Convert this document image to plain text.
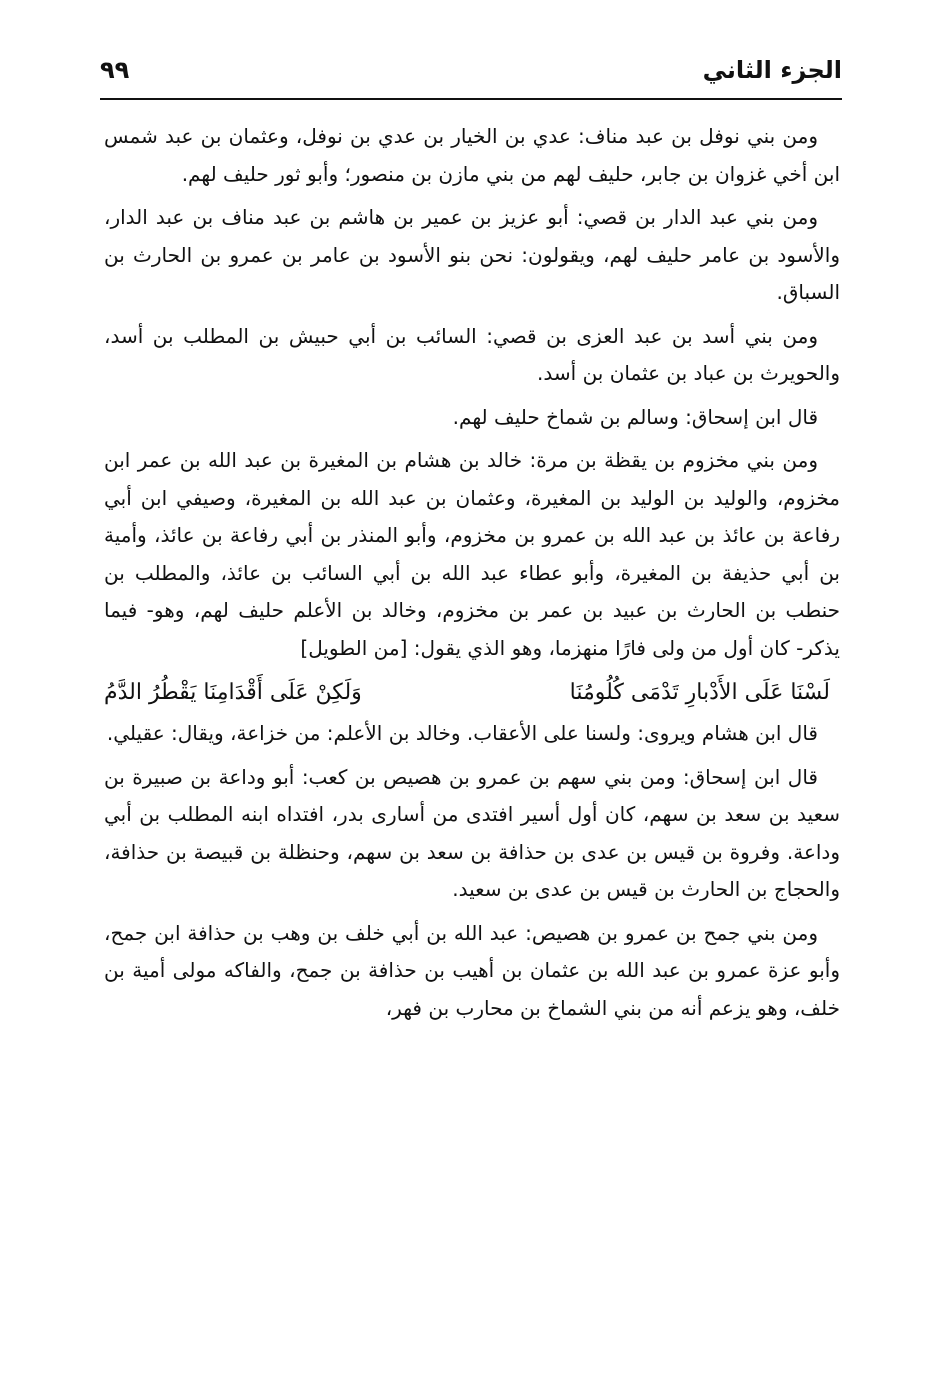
الجزء الثاني
٩٩

ومن بني نوفل بن عبد مناف: عدي بن الخيار بن عدي بن نوفل، وعثمان بن عبد شمس ابن أخي غزوان بن جابر، حليف لهم من بني مازن بن منصور؛ وأبو ثور حليف لهم.

ومن بني عبد الدار بن قصي: أبو عزيز بن عمير بن هاشم بن عبد مناف بن عبد الدار، والأسود بن عامر حليف لهم، ويقولون: نحن بنو الأسود بن عامر بن عمرو بن الحارث بن السباق.

ومن بني أسد بن عبد العزى بن قصي: السائب بن أبي حبيش بن المطلب بن أسد، والحويرث بن عباد بن عثمان بن أسد.

قال ابن إسحاق: وسالم بن شماخ حليف لهم.

ومن بني مخزوم بن يقظة بن مرة: خالد بن هشام بن المغيرة بن عبد الله بن عمر ابن مخزوم، والوليد بن الوليد بن المغيرة، وعثمان بن عبد الله بن المغيرة، وصيفي ابن أبي رفاعة بن عائذ بن عبد الله بن عمرو بن مخزوم، وأبو المنذر بن أبي رفاعة بن عائذ، وأمية بن أبي حذيفة بن المغيرة، وأبو عطاء عبد الله بن أبي السائب بن عائذ، والمطلب بن حنطب بن الحارث بن عبيد بن عمر بن مخزوم، وخالد بن الأعلم حليف لهم، وهو- فيما يذكر- كان أول من ولى فارًا منهزما، وهو الذي يقول: [من الطويل]

لَسْنَا عَلَى الأَدْبارِ تَدْمَى كُلُومُنَا
وَلَكِنْ عَلَى أَقْدَامِنَا يَقْطُرُ الدَّمُ

قال ابن هشام ويروى: ولسنا على الأعقاب. وخالد بن الأعلم: من خزاعة، ويقال: عقيلي.

قال ابن إسحاق: ومن بني سهم بن عمرو بن هصيص بن كعب: أبو وداعة بن صبيرة بن سعيد بن سعد بن سهم، كان أول أسير افتدى من أسارى بدر، افتداه ابنه المطلب بن أبي وداعة. وفروة بن قيس بن عدى بن حذافة بن سعد بن سهم، وحنظلة بن قبيصة بن حذافة، والحجاج بن الحارث بن قيس بن عدى بن سعيد.

ومن بني جمح بن عمرو بن هصيص: عبد الله بن أبي خلف بن وهب بن حذافة ابن جمح، وأبو عزة عمرو بن عبد الله بن عثمان بن أهيب بن حذافة بن جمح، والفاكه مولى أمية بن خلف، وهو يزعم أنه من بني الشماخ بن محارب بن فهر،
